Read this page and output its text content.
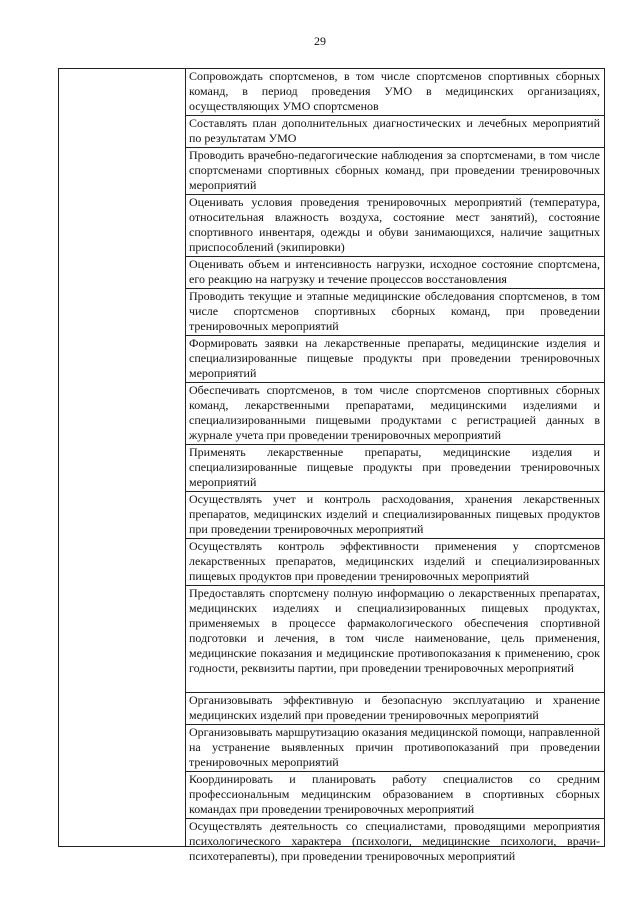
29
Сопровождать спортсменов, в том числе спортсменов спортивных сборных команд, в период проведения УМО в медицинских организациях, осуществляющих УМО спортсменов
Составлять план дополнительных диагностических и лечебных мероприятий по результатам УМО
Проводить врачебно-педагогические наблюдения за спортсменами, в том числе спортсменами спортивных сборных команд, при проведении тренировочных мероприятий
Оценивать условия проведения тренировочных мероприятий (температура, относительная влажность воздуха, состояние мест занятий), состояние спортивного инвентаря, одежды и обуви занимающихся, наличие защитных приспособлений (экипировки)
Оценивать объем и интенсивность нагрузки, исходное состояние спортсмена, его реакцию на нагрузку и течение процессов восстановления
Проводить текущие и этапные медицинские обследования спортсменов, в том числе спортсменов спортивных сборных команд, при проведении тренировочных мероприятий
Формировать заявки на лекарственные препараты, медицинские изделия и специализированные пищевые продукты при проведении тренировочных мероприятий
Обеспечивать спортсменов, в том числе спортсменов спортивных сборных команд, лекарственными препаратами, медицинскими изделиями и специализированными пищевыми продуктами с регистрацией данных в журнале учета при проведении тренировочных мероприятий
Применять лекарственные препараты, медицинские изделия и специализированные пищевые продукты при проведении тренировочных мероприятий
Осуществлять учет и контроль расходования, хранения лекарственных препаратов, медицинских изделий и специализированных пищевых продуктов при проведении тренировочных мероприятий
Осуществлять контроль эффективности применения у спортсменов лекарственных препаратов, медицинских изделий и специализированных пищевых продуктов при проведении тренировочных мероприятий
Предоставлять спортсмену полную информацию о лекарственных препаратах, медицинских изделиях и специализированных пищевых продуктах, применяемых в процессе фармакологического обеспечения спортивной подготовки и лечения, в том числе наименование, цель применения, медицинские показания и медицинские противопоказания к применению, срок годности, реквизиты партии, при проведении тренировочных мероприятий
Организовывать эффективную и безопасную эксплуатацию и хранение медицинских изделий при проведении тренировочных мероприятий
Организовывать маршрутизацию оказания медицинской помощи, направленной на устранение выявленных причин противопоказаний при проведении тренировочных мероприятий
Координировать и планировать работу специалистов со средним профессиональным медицинским образованием в спортивных сборных командах при проведении тренировочных мероприятий
Осуществлять деятельность со специалистами, проводящими мероприятия психологического характера (психологи, медицинские психологи, врачи-психотерапевты), при проведении тренировочных мероприятий
